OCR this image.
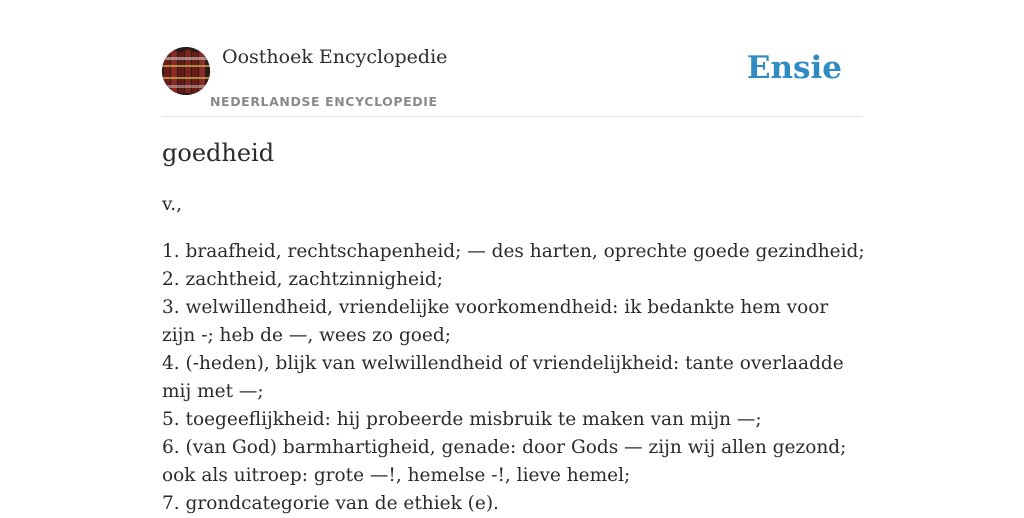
Oosthoek Encyclopedie
NEDERLANDSE ENCYCLOPEDIE
Ensie
goedheid

v.,

1. braafheid, rechtschapenheid; — des harten, oprechte goede gezindheid;
2. zachtheid, zachtzinnigheid;
3. welwillendheid, vriendelijke voorkomendheid: ik bedankte hem voor zijn -; heb de —, wees zo goed;
4. (-heden), blijk van welwillendheid of vriendelijkheid: tante overlaadde mij met —;
5. toegeeflijkheid: hij probeerde misbruik te maken van mijn —;
6. (van God) barmhartigheid, genade: door Gods — zijn wij allen gezond; ook als uitroep: grote —!, hemelse -!, lieve hemel;
7. grondcategorie van de ethiek (e).
